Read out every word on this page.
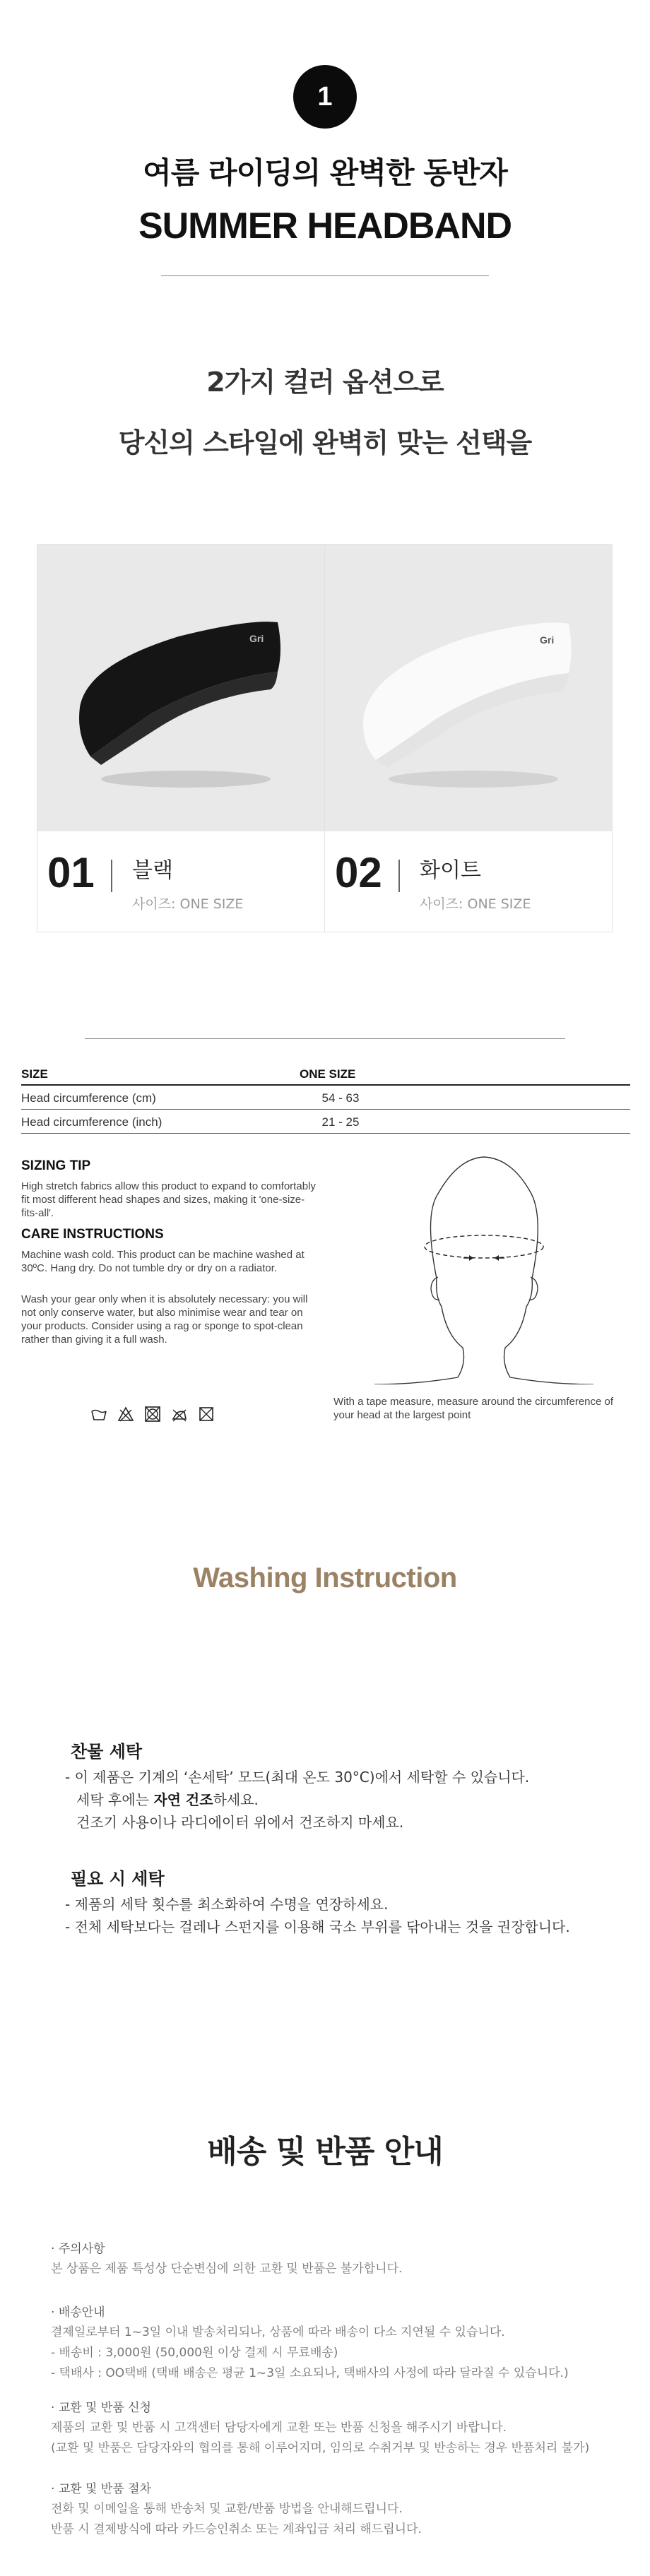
1
여름 라이딩의 완벽한 동반자
SUMMER HEADBAND
2가지 컬러 옵션으로
당신의 스타일에 완벽히 맞는 선택을
Gri
01 블랙
사이즈: ONE SIZE
Gri
02 화이트
사이즈: ONE SIZE
SIZE	ONE SIZE
Head circumference (cm)	54 - 63
Head circumference (inch)	21 - 25
SIZING TIP
High stretch fabrics allow this product to expand to comfortably fit most different head shapes and sizes, making it 'one-size-fits-all'.
CARE INSTRUCTIONS
Machine wash cold. This product can be machine washed at 30ºC. Hang dry. Do not tumble dry or dry on a radiator.
Wash your gear only when it is absolutely necessary: you will not only conserve water, but also minimise wear and tear on your products. Consider using a rag or sponge to spot-clean rather than giving it a full wash.
With a tape measure, measure around the circumference of your head at the largest point
Washing Instruction
찬물 세탁
- 이 제품은 기계의 ‘손세탁’ 모드(최대 온도 30°C)에서 세탁할 수 있습니다.
세탁 후에는 자연 건조하세요.
건조기 사용이나 라디에이터 위에서 건조하지 마세요.
필요 시 세탁
- 제품의 세탁 횟수를 최소화하여 수명을 연장하세요.
- 전체 세탁보다는 걸레나 스펀지를 이용해 국소 부위를 닦아내는 것을 권장합니다.
배송 및 반품 안내
· 주의사항
본 상품은 제품 특성상 단순변심에 의한 교환 및 반품은 불가합니다.
· 배송안내
결제일로부터 1~3일 이내 발송처리되나, 상품에 따라 배송이 다소 지연될 수 있습니다.
- 배송비 : 3,000원 (50,000원 이상 결제 시 무료배송)
- 택배사 : OO택배 (택배 배송은 평균 1~3일 소요되나, 택배사의 사정에 따라 달라질 수 있습니다.)
· 교환 및 반품 신청
제품의 교환 및 반품 시 고객센터 담당자에게 교환 또는 반품 신청을 해주시기 바랍니다.
(교환 및 반품은 담당자와의 협의를 통해 이루어지며, 임의로 수취거부 및 반송하는 경우 반품처리 불가)
· 교환 및 반품 절차
전화 및 이메일을 통해 반송처 및 교환/반품 방법을 안내해드립니다.
반품 시 결제방식에 따라 카드승인취소 또는 계좌입금 처리 해드립니다.
